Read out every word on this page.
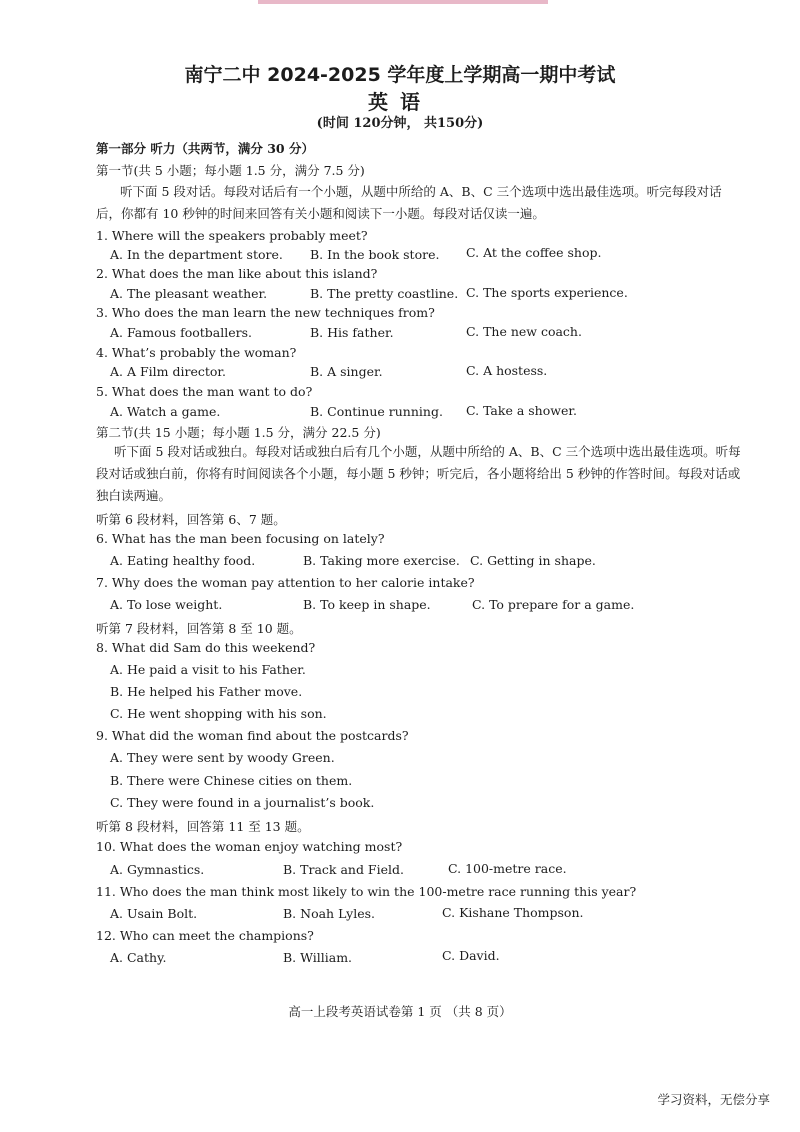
南宁二中 2024-2025 学年度上学期高一期中考试
英语
(时间 120分钟， 共150分)
第一部分 听力（共两节，满分 30 分）
第一节(共 5 小题；每小题 1.5 分，满分 7.5 分)
听下面 5 段对话。每段对话后有一个小题，从题中所给的 A、B、C 三个选项中选出最佳选项。听完每段对话后，你都有 10 秒钟的时间来回答有关小题和阅读下一小题。每段对话仅读一遍。
1. Where will the speakers probably meet?
A. In the department store. B. In the book store. C. At the coffee shop.
2. What does the man like about this island?
A. The pleasant weather.	B. The pretty coastline. C. The sports experience.
3. Who does the man learn the new techniques from?
A. Famous footballers.	B. His father.	C. The new coach.
4. What’s probably the woman?
A. A Film director.	B. A singer.	C. A hostess.
5. What does the man want to do?
A. Watch a game.	B. Continue running. C. Take a shower.
第二节(共 15 小题；每小题 1.5 分，满分 22.5 分)
听下面 5 段对话或独白。每段对话或独白后有几个小题，从题中所给的 A、B、C 三个选项中选出最佳选项。听每段对话或独白前，你将有时间阅读各个小题，每小题 5 秒钟；听完后，各小题将给出 5 秒钟的作答时间。每段对话或独白读两遍。
听第 6 段材料，回答第 6、7 题。
6. What has the man been focusing on lately?
A. Eating healthy food.	B. Taking more exercise. C. Getting in shape.
7. Why does the woman pay attention to her calorie intake?
A. To lose weight.	B. To keep in shape.	C. To prepare for a game.
听第 7 段材料，回答第 8 至 10 题。
8. What did Sam do this weekend?
A. He paid a visit to his Father.
B. He helped his Father move.
C. He went shopping with his son.
9. What did the woman find about the postcards?
A. They were sent by woody Green.
B. There were Chinese cities on them.
C. They were found in a journalist’s book.
听第 8 段材料，回答第 11 至 13 题。
10. What does the woman enjoy watching most?
A. Gymnastics.	B. Track and Field.	C. 100-metre race.
11. Who does the man think most likely to win the 100-metre race running this year?
A. Usain Bolt.	B. Noah Lyles.	C. Kishane Thompson.
12. Who can meet the champions?
A. Cathy.	B. William.	C. David.
高一上段考英语试卷第 1 页 （共 8 页）
学习资料，无偿分享
